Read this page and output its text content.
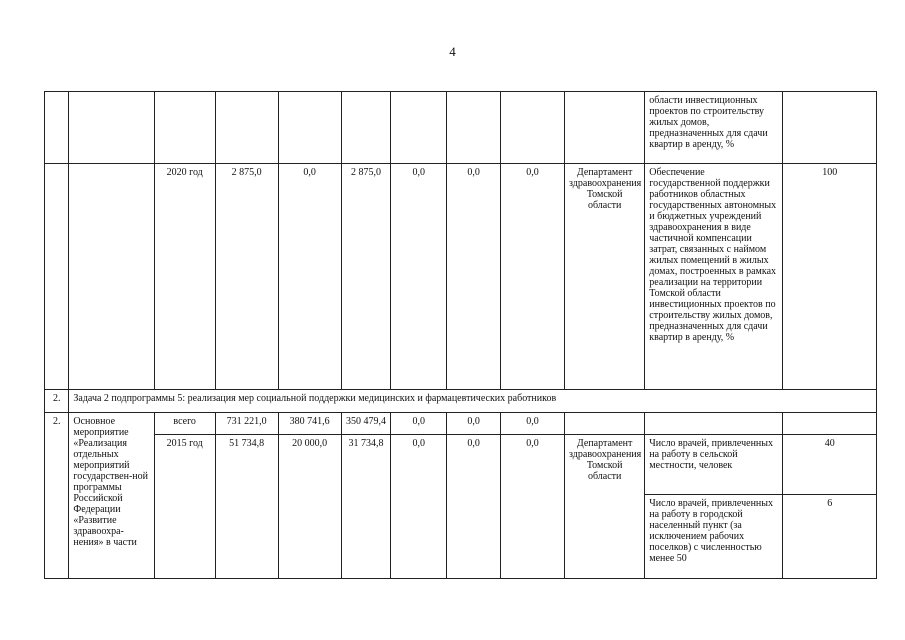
4
										области инвестиционных проектов по строительству жилых домов, предназначенных для сдачи квартир в аренду, %	
		2020 год	2 875,0	0,0	2 875,0	0,0	0,0	0,0	Департамент здравоохранения Томской области	Обеспечение государственной поддержки работников областных государственных автономных и бюджетных учреждений здравоохранения в виде частичной компенсации затрат, связанных с наймом жилых помещений в жилых домах, построенных в рамках реализации на территории Томской области инвестиционных проектов по строительству жилых домов, предназначенных для сдачи квартир в аренду, %	100
2.	Задача 2 подпрограммы 5: реализация мер социальной поддержки медицинских и фармацевтических работников										
2.	Основное мероприятие «Реализация отдельных мероприятий государствен-ной программы Российской Федерации «Развитие здравоохра-нения» в части	всего	731 221,0	380 741,6	350 479,4	0,0	0,0	0,0			
		2015 год	51 734,8	20 000,0	31 734,8	0,0	0,0	0,0	Департамент здравоохранения Томской области	Число врачей, привлеченных на работу в сельской местности, человек	40
										Число врачей, привлеченных на работу в городской населенный пункт (за исключением рабочих поселков) с численностью менее 50	6
